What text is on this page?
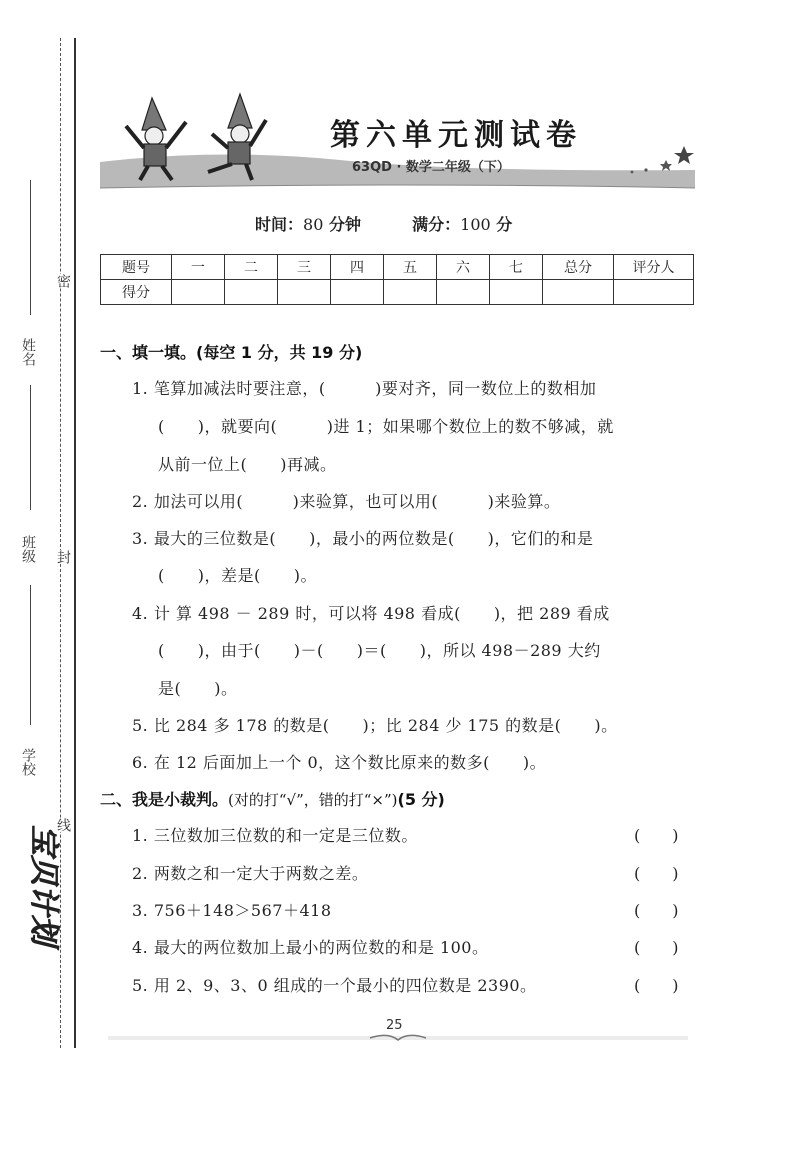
姓名
班级
学校
密
封
线
宝贝计划
第六单元测试卷
63QD · 数学二年级（下）
时间：80 分钟	满分：100 分
题号	一	二	三	四	五	六	七	总分	评分人
得分									
一、填一填。(每空 1 分，共 19 分)
1. 笔算加减法时要注意，(　　　)要对齐，同一数位上的数相加
(　　)，就要向(　　　)进 1；如果哪个数位上的数不够减，就
从前一位上(　　)再减。
2. 加法可以用(　　　)来验算，也可以用(　　　)来验算。
3. 最大的三位数是(　　)，最小的两位数是(　　)，它们的和是
(　　)，差是(　　)。
4. 计 算 498 － 289 时，可以将 498 看成(　　)，把 289 看成
(　　)，由于(　　)－(　　)＝(　　)，所以 498－289 大约
是(　　)。
5. 比 284 多 178 的数是(　　)；比 284 少 175 的数是(　　)。
6. 在 12 后面加上一个 0，这个数比原来的数多(　　)。
二、我是小裁判。(对的打“√”，错的打“×”)(5 分)
1. 三位数加三位数的和一定是三位数。	(　　)
2. 两数之和一定大于两数之差。	(　　)
3. 756＋148＞567＋418	(　　)
4. 最大的两位数加上最小的两位数的和是 100。	(　　)
5. 用 2、9、3、0 组成的一个最小的四位数是 2390。	(　　)
25
